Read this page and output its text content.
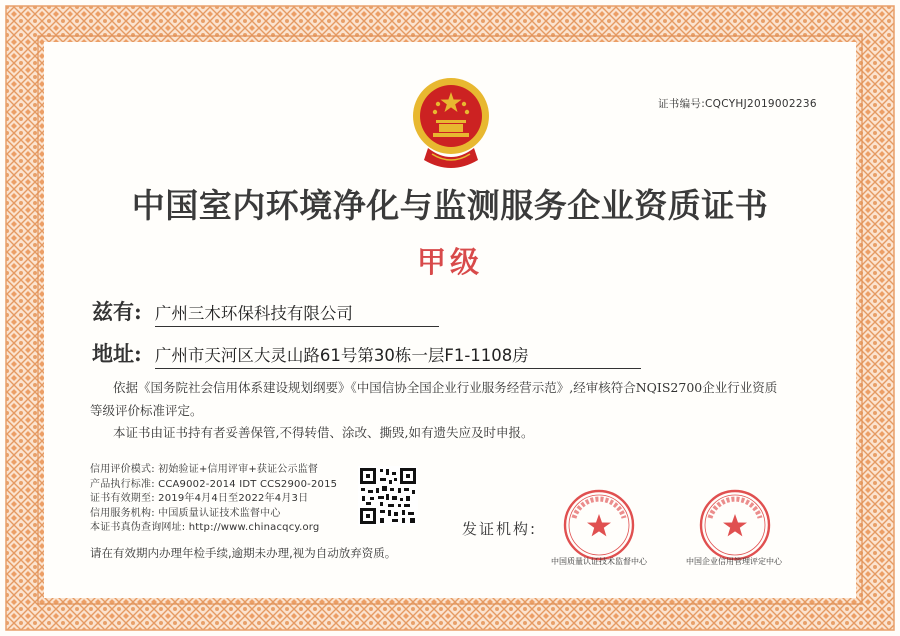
证书编号:CQCYHJ2019002236
中国室内环境净化与监测服务企业资质证书
甲级
兹有: 广州三木环保科技有限公司
地址: 广州市天河区大灵山路61号第30栋一层F1-1108房
依据《国务院社会信用体系建设规划纲要》《中国信协全国企业行业服务经营示范》,经审核符合NQIS2700企业行业资质
等级评价标准评定。
本证书由证书持有者妥善保管,不得转借、涂改、撕毁,如有遗失应及时申报。
信用评价模式: 初始验证+信用评审+获证公示监督
产品执行标准: CCA9002-2014 IDT CCS2900-2015
证书有效期至: 2019年4月4日至2022年4月3日
信用服务机构: 中国质量认证技术监督中心
本证书真伪查询网址: http://www.chinacqcy.org	发证机构:
中国质量认证技术监督中心	中国企业信用管理评定中心
请在有效期内办理年检手续,逾期未办理,视为自动放弃资质。
